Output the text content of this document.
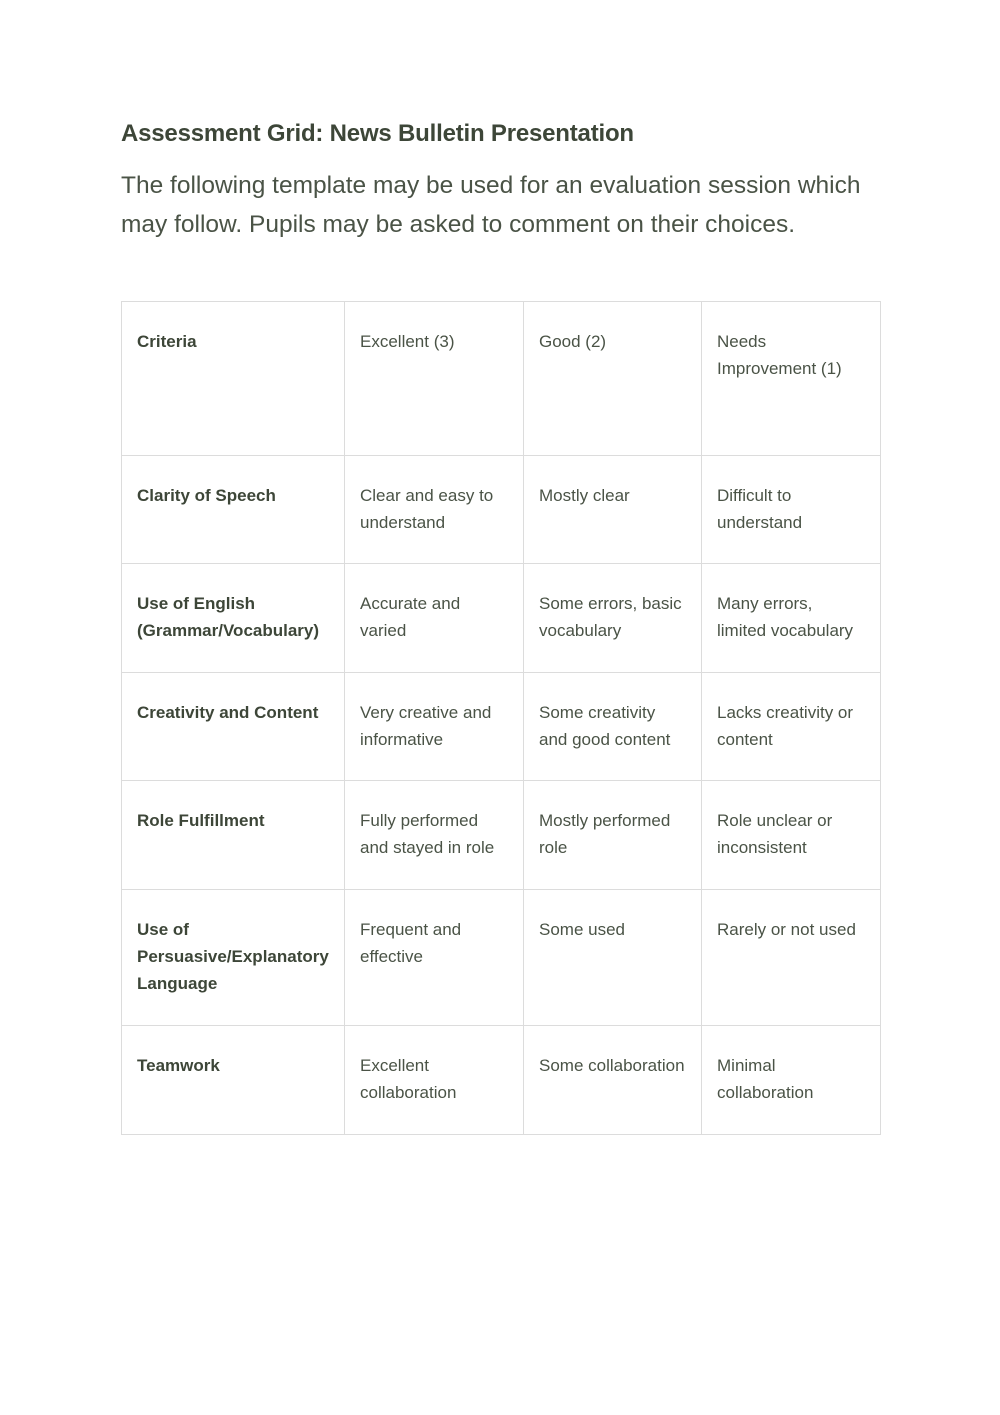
Assessment Grid: News Bulletin Presentation

The following template may be used for an evaluation session which may follow. Pupils may be asked to comment on their choices.

Criteria	Excellent (3)	Good (2)	Needs Improvement (1)
Clarity of Speech	Clear and easy to understand	Mostly clear	Difficult to understand
Use of English (Grammar/Vocabulary)	Accurate and varied	Some errors, basic vocabulary	Many errors, limited vocabulary
Creativity and Content	Very creative and informative	Some creativity and good content	Lacks creativity or content
Role Fulfillment	Fully performed and stayed in role	Mostly performed role	Role unclear or inconsistent
Use of Persuasive/Explanatory Language	Frequent and effective	Some used	Rarely or not used
Teamwork	Excellent collaboration	Some collaboration	Minimal collaboration
